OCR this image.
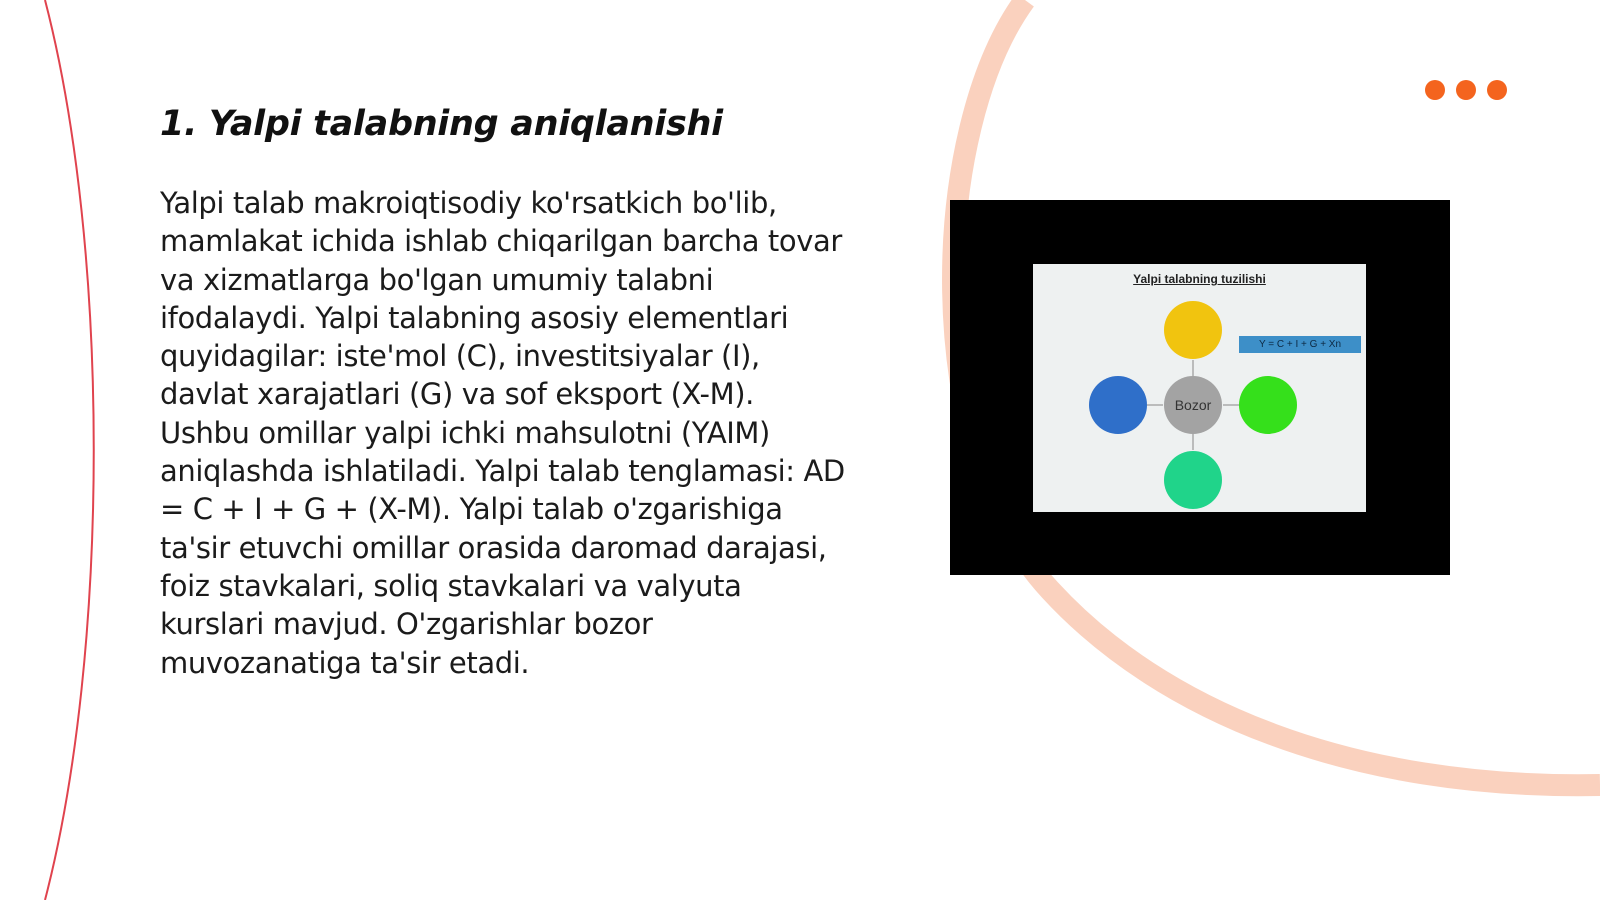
1. Yalpi talabning aniqlanishi

Yalpi talab makroiqtisodiy ko'rsatkich bo'lib, mamlakat ichida ishlab chiqarilgan barcha tovar va xizmatlarga bo'lgan umumiy talabni ifodalaydi. Yalpi talabning asosiy elementlari quyidagilar: iste'mol (C), investitsiyalar (I), davlat xarajatlari (G) va sof eksport (X-M). Ushbu omillar yalpi ichki mahsulotni (YAIM) aniqlashda ishlatiladi. Yalpi talab tenglamasi: AD = C + I + G + (X-M). Yalpi talab o'zgarishiga ta'sir etuvchi omillar orasida daromad darajasi, foiz stavkalari, soliq stavkalari va valyuta kurslari mavjud. O'zgarishlar bozor muvozanatiga ta'sir etadi.

Yalpi talabning tuzilishi
Bozor
Y = C + I + G + Xn
